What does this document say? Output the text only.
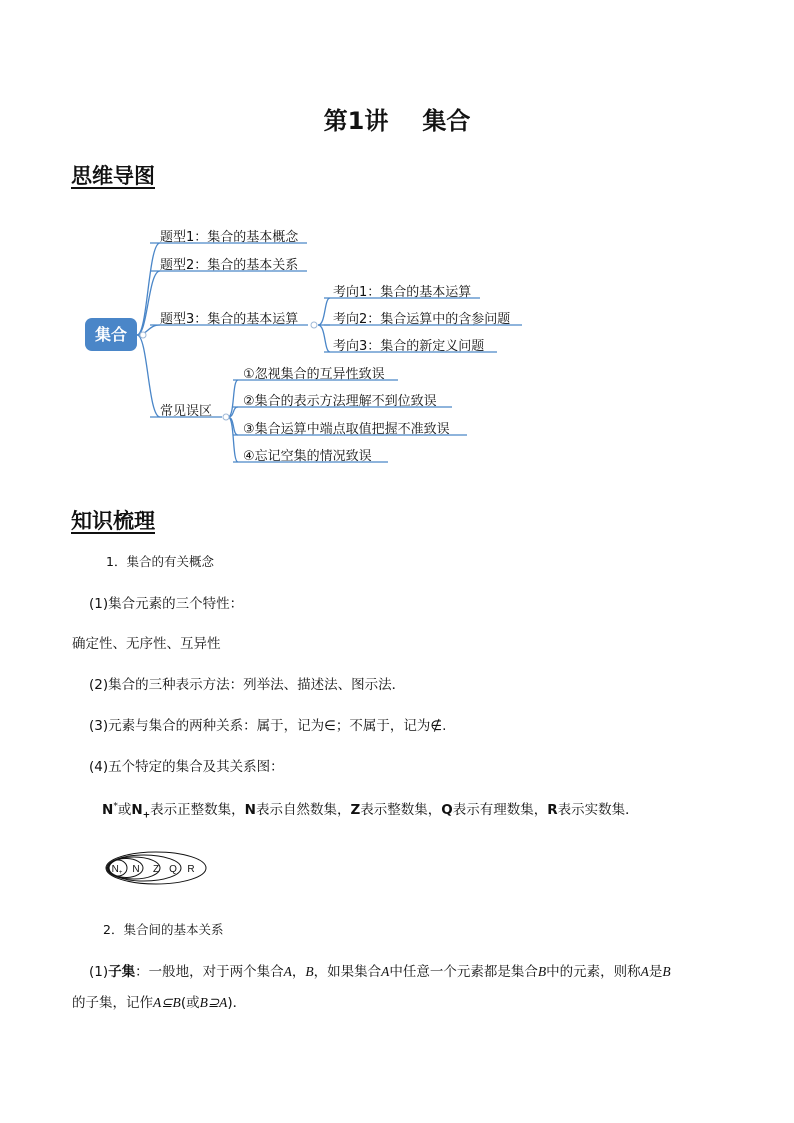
第1讲 集合
思维导图
集合
题型1：集合的基本概念
题型2：集合的基本关系
题型3：集合的基本运算
常见误区
考向1：集合的基本运算
考向2：集合运算中的含参问题
考向3：集合的新定义问题
①忽视集合的互异性致误
②集合的表示方法理解不到位致误
③集合运算中端点取值把握不准致误
④忘记空集的情况致误
知识梳理
1．集合的有关概念
(1)集合元素的三个特性：
确定性、无序性、互异性
(2)集合的三种表示方法：列举法、描述法、图示法．
(3)元素与集合的两种关系：属于，记为∈；不属于，记为∉.
(4)五个特定的集合及其关系图：
N*或$N_+$表示正整数集，N表示自然数集，Z表示整数集，Q表示有理数集，R表示实数集．
$N_+$ N Z Q R
2．集合间的基本关系
(1)子集：一般地，对于两个集合A，B，如果集合A中任意一个元素都是集合B中的元素，则称A是B
的子集，记作A⊆B(或B⊇A)．
